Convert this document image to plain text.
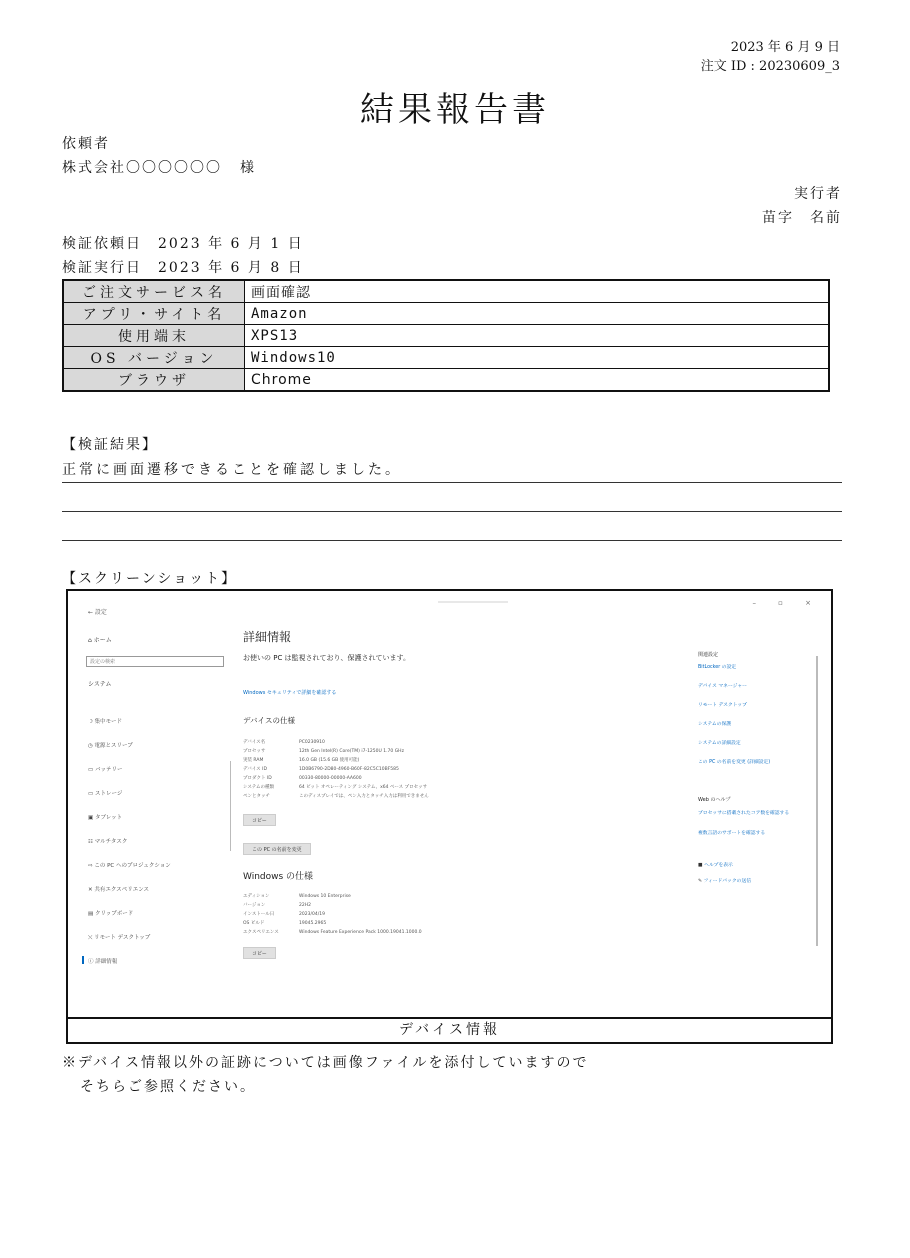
2023 年 6 月 9 日
注文 ID : 20230609_3
結果報告書
依頼者
株式会社〇〇〇〇〇〇 様
実行者
苗字　名前
検証依頼日　2023 年 6 月 1 日
検証実行日　2023 年 6 月 8 日
ご注文サービス名	画面確認
アプリ・サイト名	Amazon
使用端末	XPS13
OS バージョン	Windows10
ブラウザ	Chrome
【検証結果】
正常に画面遷移できることを確認しました。
【スクリーンショット】
– ▫ ×
← 設定
⌂ ホーム
設定の検索
システム
☽ 集中モード
◷ 電源とスリープ
▭ バッテリー
▭ ストレージ
▣ タブレット
☷ マルチタスク
⇨ この PC へのプロジェクション
✕ 共有エクスペリエンス
▤ クリップボード
⤬ リモート デスクトップ
ⓘ 詳細情報
詳細情報
お使いの PC は監視されており、保護されています。
Windows セキュリティで詳細を確認する
デバイスの仕様
デバイス名	PC0230910
プロセッサ	12th Gen Intel(R) Core(TM) i7-1250U 1.70 GHz
実装 RAM	16.0 GB (15.6 GB 使用可能)
デバイス ID	1D0B6790-2D80-4960-B60F-82C5C10BF585
プロダクト ID	00330-80000-00000-AA600
システムの種類	64 ビット オペレーティング システム、x64 ベース プロセッサ
ペンとタッチ	このディスプレイでは、ペン入力とタッチ入力は利用できません
コピー
この PC の名前を変更
Windows の仕様
エディション	Windows 10 Enterprise
バージョン	22H2
インストール日	2023/04/19
OS ビルド	19045.2965
エクスペリエンス	Windows Feature Experience Pack 1000.19041.1000.0
コピー
関連設定
BitLocker の設定
デバイス マネージャー
リモート デスクトップ
システムの保護
システムの詳細設定
この PC の名前を変更 (詳細設定)
Web のヘルプ
プロセッサに搭載されたコア数を確認する
複数言語のサポートを確認する
■ ヘルプを表示
✎ フィードバックの送信
デバイス情報
※デバイス情報以外の証跡については画像ファイルを添付していますので
そちらご参照ください。
